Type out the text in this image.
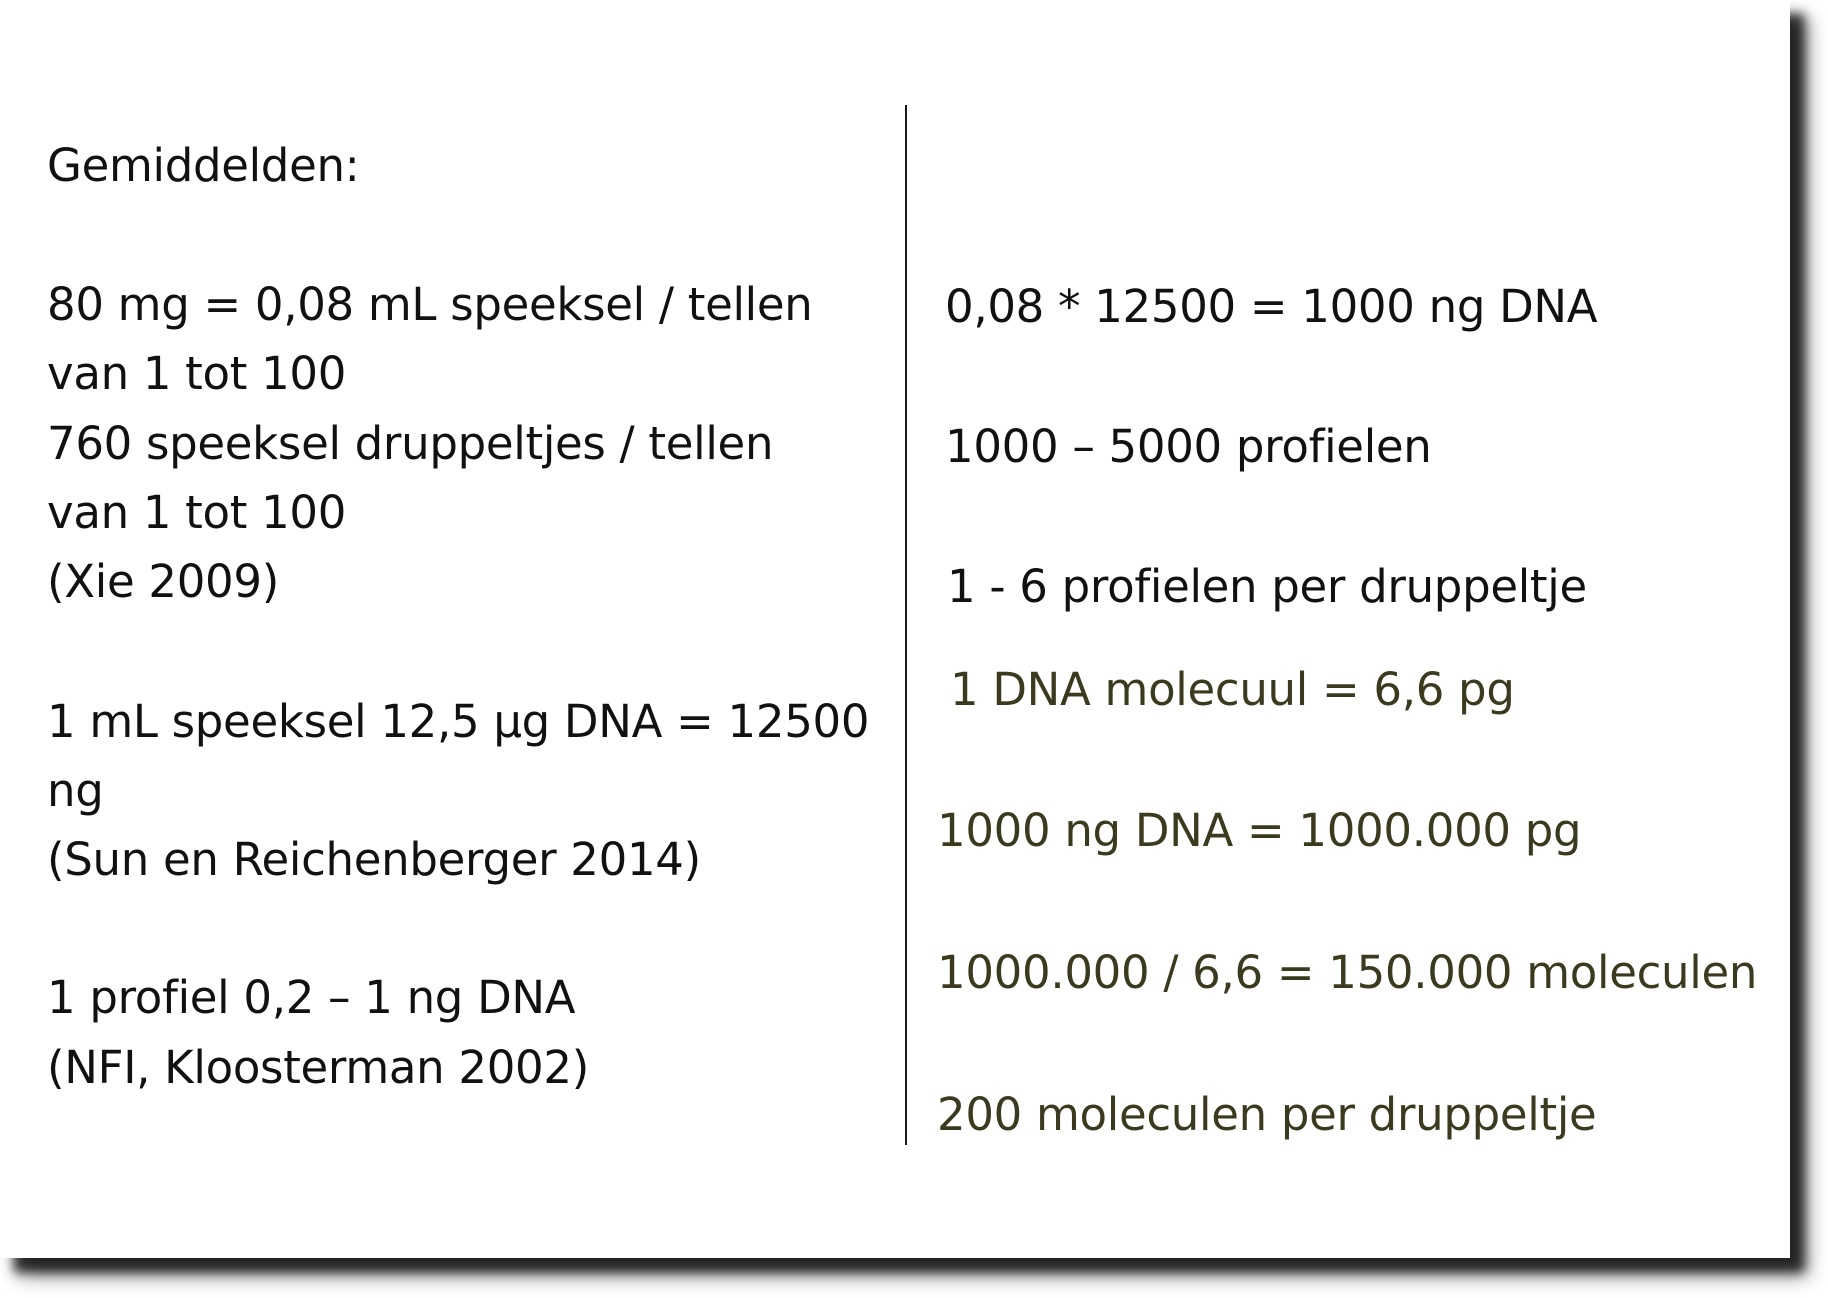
Gemiddelden:
80 mg = 0,08 mL speeksel / tellen
van 1 tot 100
760 speeksel druppeltjes / tellen
van 1 tot 100
(Xie 2009)
1 mL speeksel 12,5 µg DNA = 12500
ng
(Sun en Reichenberger 2014)
1 profiel 0,2 – 1 ng DNA
(NFI, Kloosterman 2002)
0,08 * 12500 = 1000 ng DNA
1000 – 5000 profielen
1 - 6 profielen per druppeltje
1 DNA molecuul = 6,6 pg
1000 ng DNA = 1000.000 pg
1000.000 / 6,6 = 150.000 moleculen
200 moleculen per druppeltje
